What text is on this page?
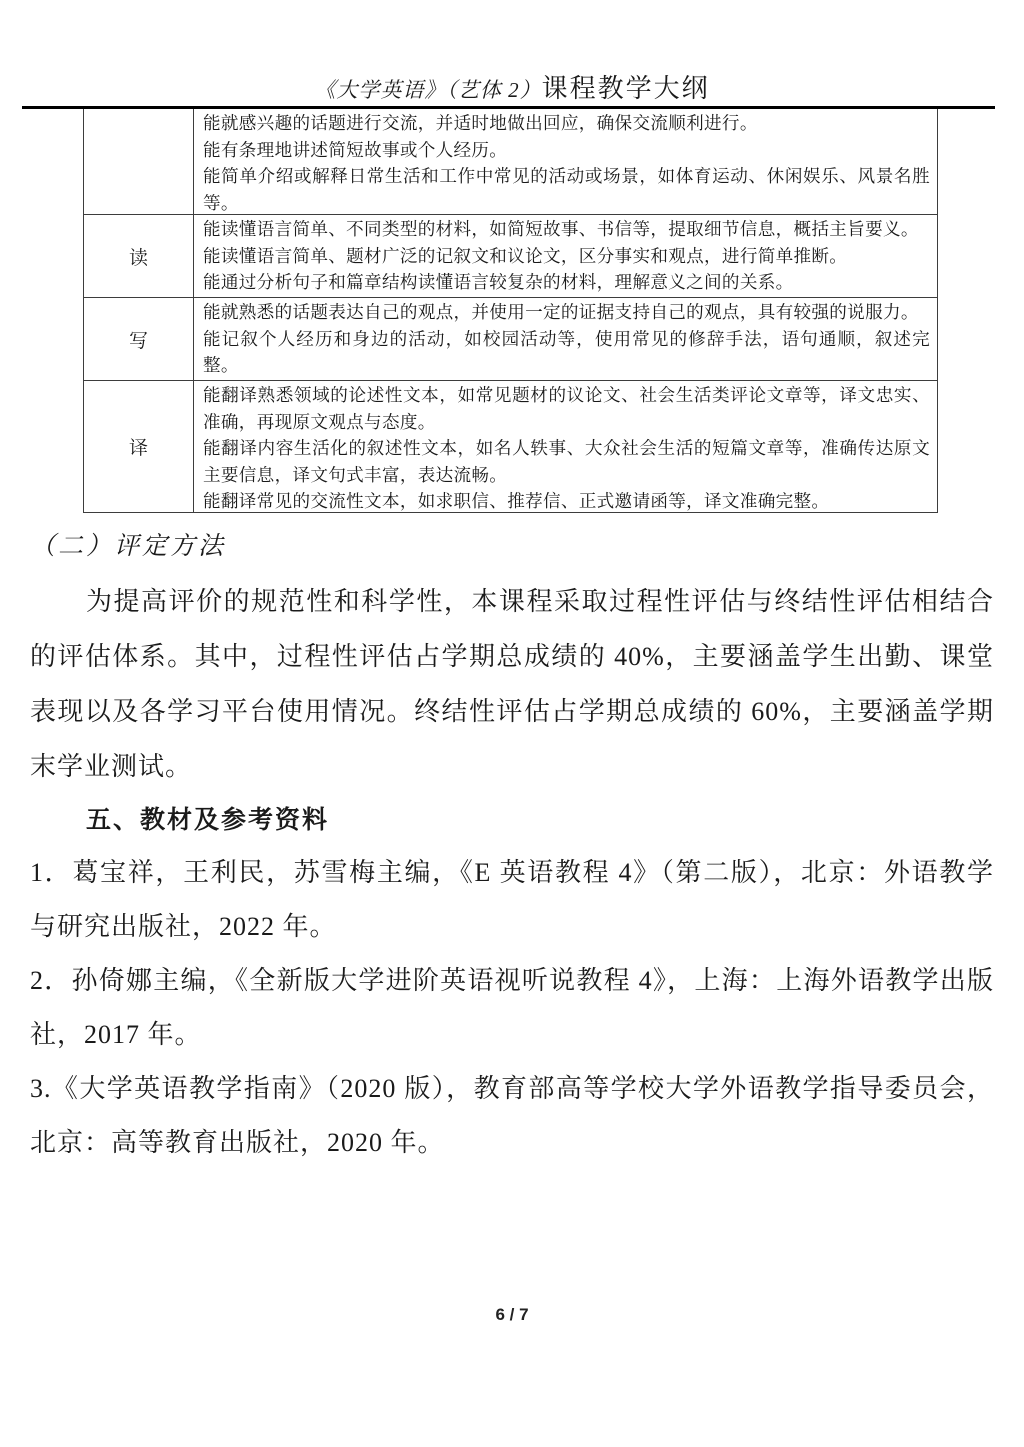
《大学英语》（艺体 2）课程教学大纲

能就感兴趣的话题进行交流，并适时地做出回应，确保交流顺利进行。

能有条理地讲述简短故事或个人经历。

能简单介绍或解释日常生活和工作中常见的活动或场景，如体育运动、休闲娱乐、风景名胜等。

读

能读懂语言简单、不同类型的材料，如简短故事、书信等，提取细节信息，概括主旨要义。

能读懂语言简单、题材广泛的记叙文和议论文，区分事实和观点，进行简单推断。

能通过分析句子和篇章结构读懂语言较复杂的材料，理解意义之间的关系。

写

能就熟悉的话题表达自己的观点，并使用一定的证据支持自己的观点，具有较强的说服力。

能记叙个人经历和身边的活动，如校园活动等，使用常见的修辞手法，语句通顺，叙述完整。

译

能翻译熟悉领域的论述性文本，如常见题材的议论文、社会生活类评论文章等，译文忠实、准确，再现原文观点与态度。

能翻译内容生活化的叙述性文本，如名人轶事、大众社会生活的短篇文章等，准确传达原文主要信息，译文句式丰富，表达流畅。

能翻译常见的交流性文本，如求职信、推荐信、正式邀请函等，译文准确完整。

（二）评定方法

为提高评价的规范性和科学性，本课程采取过程性评估与终结性评估相结合的评估体系。其中，过程性评估占学期总成绩的 40%，主要涵盖学生出勤、课堂表现以及各学习平台使用情况。终结性评估占学期总成绩的 60%，主要涵盖学期末学业测试。

五、教材及参考资料

1．葛宝祥，王利民，苏雪梅主编，《E 英语教程 4》（第二版），北京：外语教学与研究出版社，2022 年。

2．孙倚娜主编，《全新版大学进阶英语视听说教程 4》，上海：上海外语教学出版社，2017 年。

3.《大学英语教学指南》（2020 版），教育部高等学校大学外语教学指导委员会，北京：高等教育出版社，2020 年。

6 / 7
